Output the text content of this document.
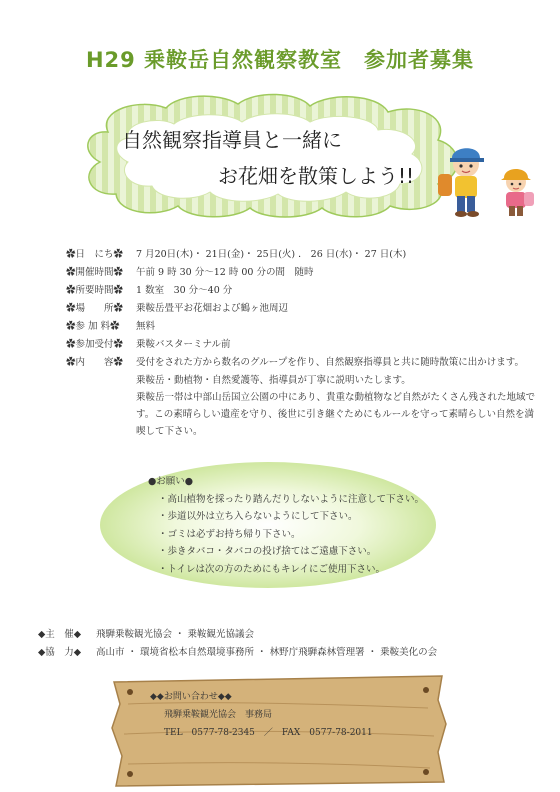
H29 乗鞍岳自然観察教室　参加者募集
自然観察指導員と一緒に
お花畑を散策しよう!!
✿日　にち✿	7 月20日(木)・ 21日(金)・ 25日(火) ． 26 日(水)・ 27 日(木)
✿開催時間✿	午前 9 時 30 分～12 時 00 分の間　随時
✿所要時間✿	1 数室　30 分～40 分
✿場　　所✿	乗鞍岳畳平お花畑および鶴ヶ池周辺
✿参 加 料✿	無料
✿参加受付✿	乗鞍バスターミナル前
✿内　　容✿	受付をされた方から数名のグループを作り、自然観察指導員と共に随時散策に出かけます。
乗鞍岳・動植物・自然愛護等、指導員が丁寧に説明いたします。
乗鞍岳一帯は中部山岳国立公園の中にあり、貴重な動植物など自然がたくさん残された地域です。この素晴らしい遺産を守り、後世に引き継ぐためにもルールを守って素晴らしい自然を満喫して下さい。
●お願い●
・高山植物を採ったり踏んだりしないように注意して下さい。
・歩道以外は立ち入らないようにして下さい。
・ゴミは必ずお持ち帰り下さい。
・歩きタバコ・タバコの投げ捨てはご遠慮下さい。
・トイレは次の方のためにもキレイにご使用下さい。
◆主　催◆	飛騨乗鞍観光協会 ・ 乗鞍観光協議会
◆協　力◆	高山市 ・ 環境省松本自然環境事務所 ・ 林野庁飛騨森林管理署 ・ 乗鞍美化の会
◆◆お問い合わせ◆◆
飛騨乗鞍観光協会　事務局
TEL　0577-78-2345　／　FAX　0577-78-2011
